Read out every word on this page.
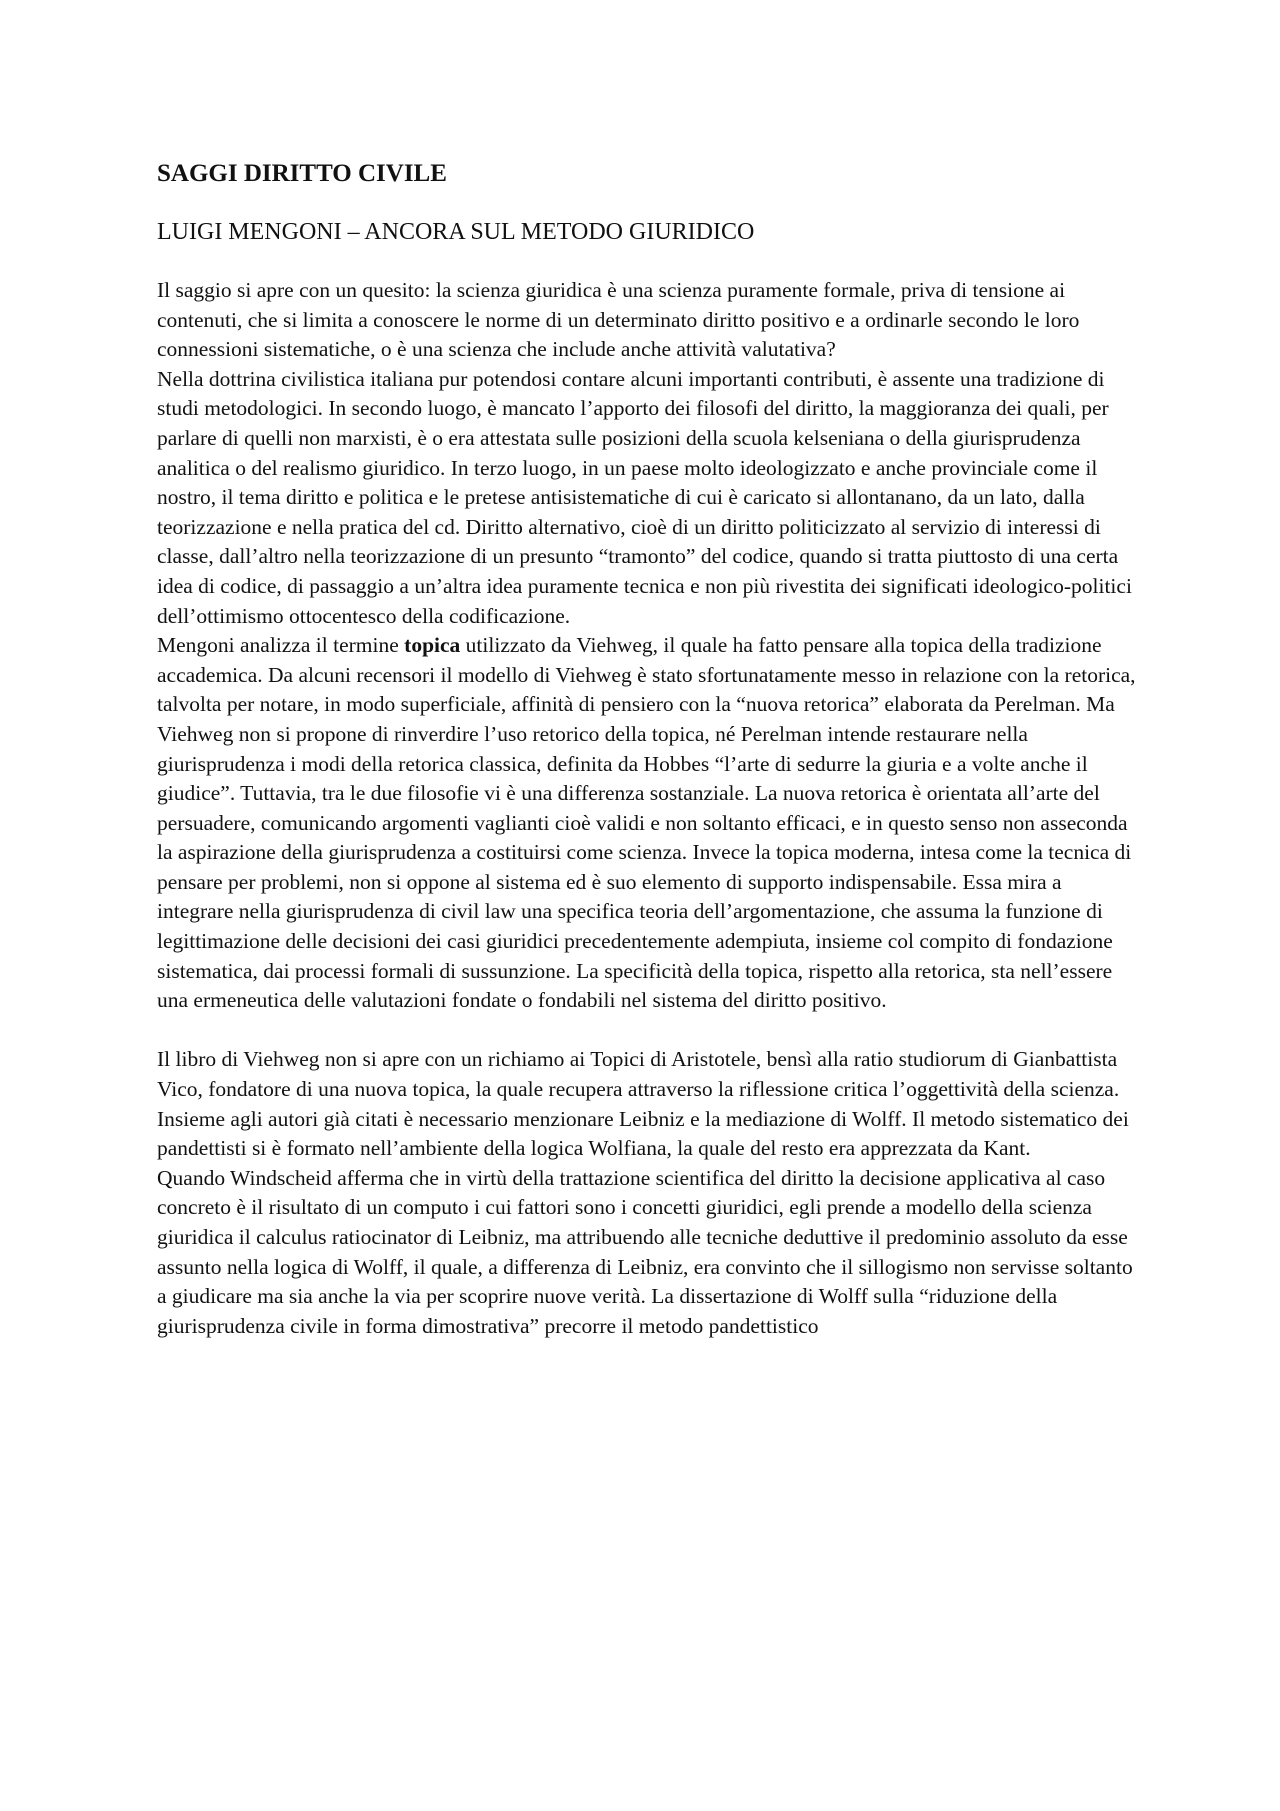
SAGGI DIRITTO CIVILE
LUIGI MENGONI – ANCORA SUL METODO GIURIDICO

Il saggio si apre con un quesito: la scienza giuridica è una scienza puramente formale, priva di tensione ai contenuti, che si limita a conoscere le norme di un determinato diritto positivo e a ordinarle secondo le loro connessioni sistematiche, o è una scienza che include anche attività valutativa?

Nella dottrina civilistica italiana pur potendosi contare alcuni importanti contributi, è assente una tradizione di studi metodologici. In secondo luogo, è mancato l’apporto dei filosofi del diritto, la maggioranza dei quali, per parlare di quelli non marxisti, è o era attestata sulle posizioni della scuola kelseniana o della giurisprudenza analitica o del realismo giuridico. In terzo luogo, in un paese molto ideologizzato e anche provinciale come il nostro, il tema diritto e politica e le pretese antisistematiche di cui è caricato si allontanano, da un lato, dalla teorizzazione e nella pratica del cd. Diritto alternativo, cioè di un diritto politicizzato al servizio di interessi di classe, dall’altro nella teorizzazione di un presunto “tramonto” del codice, quando si tratta piuttosto di una certa idea di codice, di passaggio a un’altra idea puramente tecnica e non più rivestita dei significati ideologico-politici dell’ottimismo ottocentesco della codificazione.

Mengoni analizza il termine topica utilizzato da Viehweg, il quale ha fatto pensare alla topica della tradizione accademica. Da alcuni recensori il modello di Viehweg è stato sfortunatamente messo in relazione con la retorica, talvolta per notare, in modo superficiale, affinità di pensiero con la “nuova retorica” elaborata da Perelman. Ma Viehweg non si propone di rinverdire l’uso retorico della topica, né Perelman intende restaurare nella giurisprudenza i modi della retorica classica, definita da Hobbes “l’arte di sedurre la giuria e a volte anche il giudice”. Tuttavia, tra le due filosofie vi è una differenza sostanziale. La nuova retorica è orientata all’arte del persuadere, comunicando argomenti vaglianti cioè validi e non soltanto efficaci, e in questo senso non asseconda la aspirazione della giurisprudenza a costituirsi come scienza. Invece la topica moderna, intesa come la tecnica di pensare per problemi, non si oppone al sistema ed è suo elemento di supporto indispensabile. Essa mira a integrare nella giurisprudenza di civil law una specifica teoria dell’argomentazione, che assuma la funzione di legittimazione delle decisioni dei casi giuridici precedentemente adempiuta, insieme col compito di fondazione sistematica, dai processi formali di sussunzione. La specificità della topica, rispetto alla retorica, sta nell’essere una ermeneutica delle valutazioni fondate o fondabili nel sistema del diritto positivo.

Il libro di Viehweg non si apre con un richiamo ai Topici di Aristotele, bensì alla ratio studiorum di Gianbattista Vico, fondatore di una nuova topica, la quale recupera attraverso la riflessione critica l’oggettività della scienza.

Insieme agli autori già citati è necessario menzionare Leibniz e la mediazione di Wolff. Il metodo sistematico dei pandettisti si è formato nell’ambiente della logica Wolfiana, la quale del resto era apprezzata da Kant.

Quando Windscheid afferma che in virtù della trattazione scientifica del diritto la decisione applicativa al caso concreto è il risultato di un computo i cui fattori sono i concetti giuridici, egli prende a modello della scienza giuridica il calculus ratiocinator di Leibniz, ma attribuendo alle tecniche deduttive il predominio assoluto da esse assunto nella logica di Wolff, il quale, a differenza di Leibniz, era convinto che il sillogismo non servisse soltanto a giudicare ma sia anche la via per scoprire nuove verità. La dissertazione di Wolff sulla “riduzione della giurisprudenza civile in forma dimostrativa” precorre il metodo pandettistico
